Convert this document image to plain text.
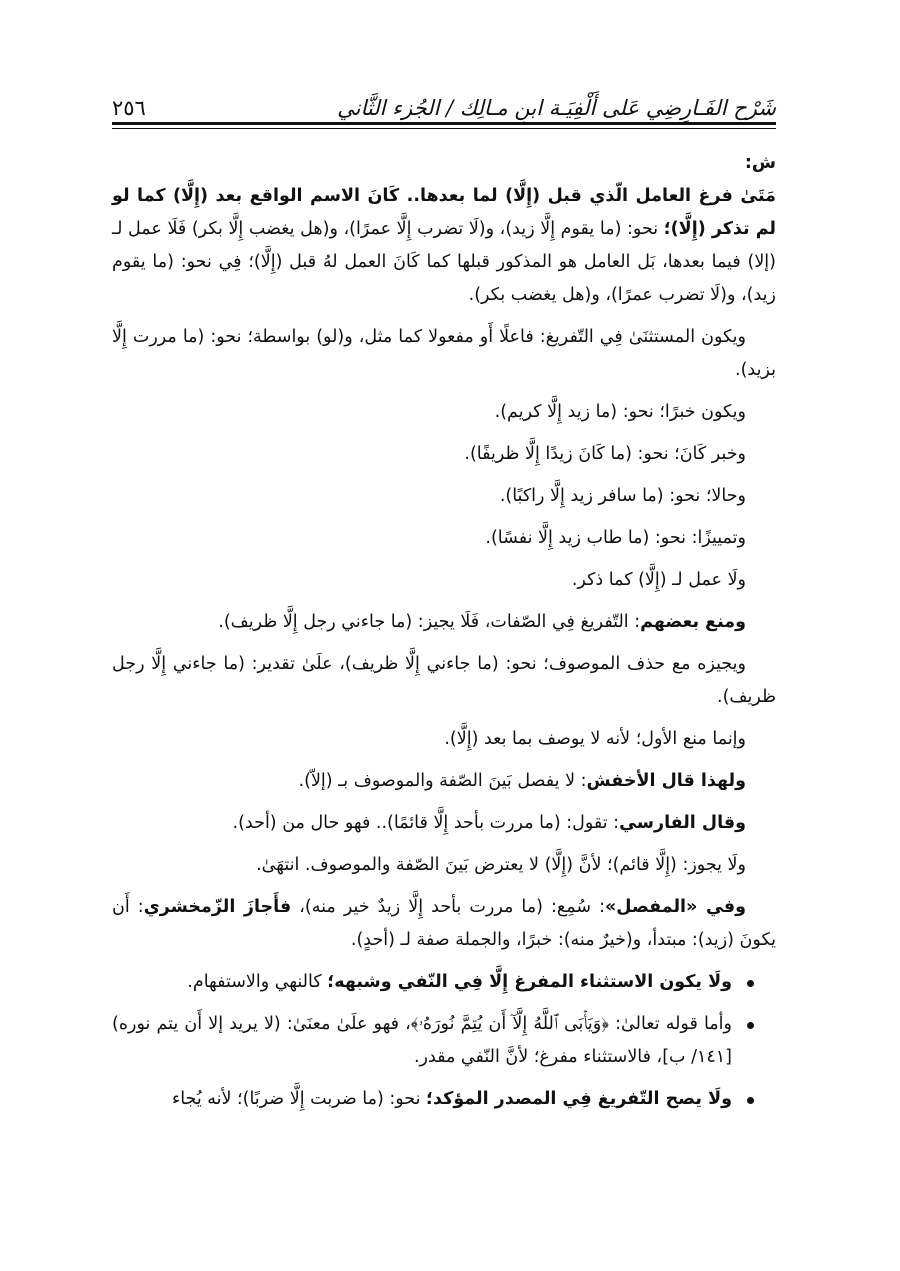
شَرْح الفَـارِضِي عَلى أَلْفِيَـة ابنِ مـالِك / الجُزء الثَّاني
٢٥٦

ش:

مَتَىٰ فرغ العامل الّذي قبل (إِلَّا) لما بعدها.. كَانَ الاسم الواقع بعد (إِلَّا) كما لو لم تذكر (إِلَّا)؛ نحو: (ما يقوم إِلَّا زيد)، و(لَا تضرب إِلَّا عمرًا)، و(هل يغضب إِلَّا بكر) فَلَا عمل لـ (إلا) فيما بعدها، بَل العامل هو المذكور قبلها كما كَانَ العمل لهُ قبل (إِلَّا)؛ فِي نحو: (ما يقوم زيد)، و(لَا تضرب عمرًا)، و(هل يغضب بكر).

ويكون المستثنَىٰ فِي التّفريغ: فاعلًا أَو مفعولا كما مثل، و(لو) بواسطة؛ نحو: (ما مررت إِلَّا بزيد).

ويكون خبرًا؛ نحو: (ما زيد إِلَّا كريم).

وخبر كَانَ؛ نحو: (ما كَانَ زيدًا إِلَّا ظريفًا).

وحالا؛ نحو: (ما سافر زيد إِلَّا راكبًا).

وتمييزًا: نحو: (ما طاب زيد إِلَّا نفسًا).

ولَا عمل لـ (إِلَّا) كما ذكر.

ومنع بعضهم: التّفريغ فِي الصّفات، فَلَا يجيز: (ما جاءني رجل إِلَّا ظريف).

ويجيزه مع حذف الموصوف؛ نحو: (ما جاءني إِلَّا ظريف)، علَىٰ تقدير: (ما جاءني إِلَّا رجل ظريف).

وإنما منع الأول؛ لأنه لا يوصف بما بعد (إِلَّا).

ولهذا قال الأخفش: لا يفصل بَينَ الصّفة والموصوف بـ (إلاّ).

وقال الفارسي: تقول: (ما مررت بأحد إِلَّا قائمًا).. فهو حال من (أحد).

ولَا يجوز: (إِلَّا قائم)؛ لأنَّ (إِلَّا) لا يعترض بَينَ الصّفة والموصوف. انتهَىٰ.

وفي «المفصل»: سُمِع: (ما مررت بأحد إِلَّا زيدٌ خير منه)، فأَجازَ الزّمخشري: أَن يكونَ (زيد): مبتدأ، و(خيرٌ منه): خبرًا، والجملة صفة لـ (أحدٍ).

ولَا يكون الاستثناء المفرغ إِلَّا فِي النّفي وشبهه؛ كالنهي والاستفهام.
وأما قوله تعالىٰ: ﴿وَيَأۡبَى ٱللَّهُ إِلَّآ أَن يُتِمَّ نُورَهُۥ﴾، فهو علَىٰ معنَىٰ: (لا يريد إلا أَن يتم نوره) [١٤١/ ب]، فالاستثناء مفرغ؛ لأنَّ النّفي مقدر.
ولَا يصح التّفريغ فِي المصدر المؤكد؛ نحو: (ما ضربت إِلَّا ضربًا)؛ لأنه يُجاء
